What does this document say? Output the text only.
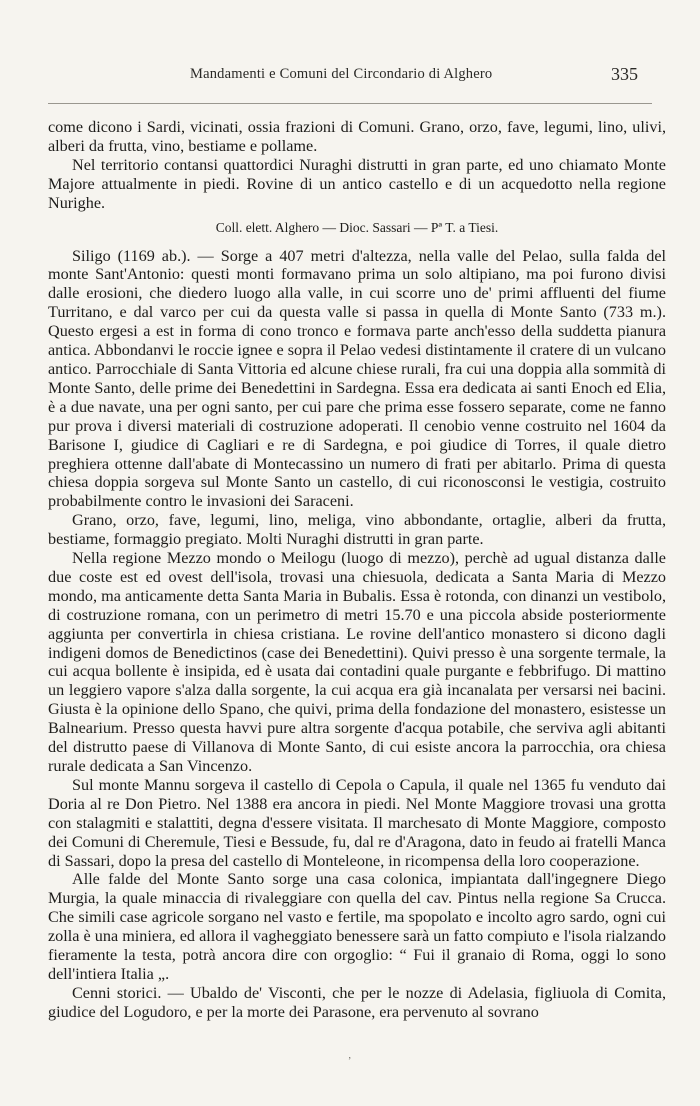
Mandamenti e Comuni del Circondario di Alghero	335

come dicono i Sardi, vicinati, ossia frazioni di Comuni. Grano, orzo, fave, legumi, lino, ulivi, alberi da frutta, vino, bestiame e pollame.

Nel territorio contansi quattordici Nuraghi distrutti in gran parte, ed uno chiamato Monte Majore attualmente in piedi. Rovine di un antico castello e di un acquedotto nella regione Nurighe.

Coll. elett. Alghero — Dioc. Sassari — Pª T. a Tiesi.

Siligo (1169 ab.). — Sorge a 407 metri d'altezza, nella valle del Pelao, sulla falda del monte Sant'Antonio: questi monti formavano prima un solo altipiano, ma poi furono divisi dalle erosioni, che diedero luogo alla valle, in cui scorre uno de' primi affluenti del fiume Turritano, e dal varco per cui da questa valle si passa in quella di Monte Santo (733 m.). Questo ergesi a est in forma di cono tronco e formava parte anch'esso della suddetta pianura antica. Abbondanvi le roccie ignee e sopra il Pelao vedesi distintamente il cratere di un vulcano antico. Parrocchiale di Santa Vittoria ed alcune chiese rurali, fra cui una doppia alla sommità di Monte Santo, delle prime dei Benedettini in Sardegna. Essa era dedicata ai santi Enoch ed Elia, è a due navate, una per ogni santo, per cui pare che prima esse fossero separate, come ne fanno pur prova i diversi materiali di costruzione adoperati. Il cenobio venne costruito nel 1604 da Barisone I, giudice di Cagliari e re di Sardegna, e poi giudice di Torres, il quale dietro preghiera ottenne dall'abate di Montecassino un numero di frati per abitarlo. Prima di questa chiesa doppia sorgeva sul Monte Santo un castello, di cui riconosconsi le vestigia, costruito probabilmente contro le invasioni dei Saraceni.

Grano, orzo, fave, legumi, lino, meliga, vino abbondante, ortaglie, alberi da frutta, bestiame, formaggio pregiato. Molti Nuraghi distrutti in gran parte.

Nella regione Mezzo mondo o Meilogu (luogo di mezzo), perchè ad ugual distanza dalle due coste est ed ovest dell'isola, trovasi una chiesuola, dedicata a Santa Maria di Mezzo mondo, ma anticamente detta Santa Maria in Bubalis. Essa è rotonda, con dinanzi un vestibolo, di costruzione romana, con un perimetro di metri 15.70 e una piccola abside posteriormente aggiunta per convertirla in chiesa cristiana. Le rovine dell'antico monastero si dicono dagli indigeni domos de Benedictinos (case dei Benedettini). Quivi presso è una sorgente termale, la cui acqua bollente è insipida, ed è usata dai contadini quale purgante e febbrifugo. Di mattino un leggiero vapore s'alza dalla sorgente, la cui acqua era già incanalata per versarsi nei bacini. Giusta è la opinione dello Spano, che quivi, prima della fondazione del monastero, esistesse un Balnearium. Presso questa havvi pure altra sorgente d'acqua potabile, che serviva agli abitanti del distrutto paese di Villanova di Monte Santo, di cui esiste ancora la parrocchia, ora chiesa rurale dedicata a San Vincenzo.

Sul monte Mannu sorgeva il castello di Cepola o Capula, il quale nel 1365 fu venduto dai Doria al re Don Pietro. Nel 1388 era ancora in piedi. Nel Monte Maggiore trovasi una grotta con stalagmiti e stalattiti, degna d'essere visitata. Il marchesato di Monte Maggiore, composto dei Comuni di Cheremule, Tiesi e Bessude, fu, dal re d'Aragona, dato in feudo ai fratelli Manca di Sassari, dopo la presa del castello di Monteleone, in ricompensa della loro cooperazione.

Alle falde del Monte Santo sorge una casa colonica, impiantata dall'ingegnere Diego Murgia, la quale minaccia di rivaleggiare con quella del cav. Pintus nella regione Sa Crucca. Che simili case agricole sorgano nel vasto e fertile, ma spopolato e incolto agro sardo, ogni cui zolla è una miniera, ed allora il vagheggiato benessere sarà un fatto compiuto e l'isola rialzando fieramente la testa, potrà ancora dire con orgoglio: “ Fui il granaio di Roma, oggi lo sono dell'intiera Italia „.

Cenni storici. — Ubaldo de' Visconti, che per le nozze di Adelasia, figliuola di Comita, giudice del Logudoro, e per la morte dei Parasone, era pervenuto al sovrano

‚
